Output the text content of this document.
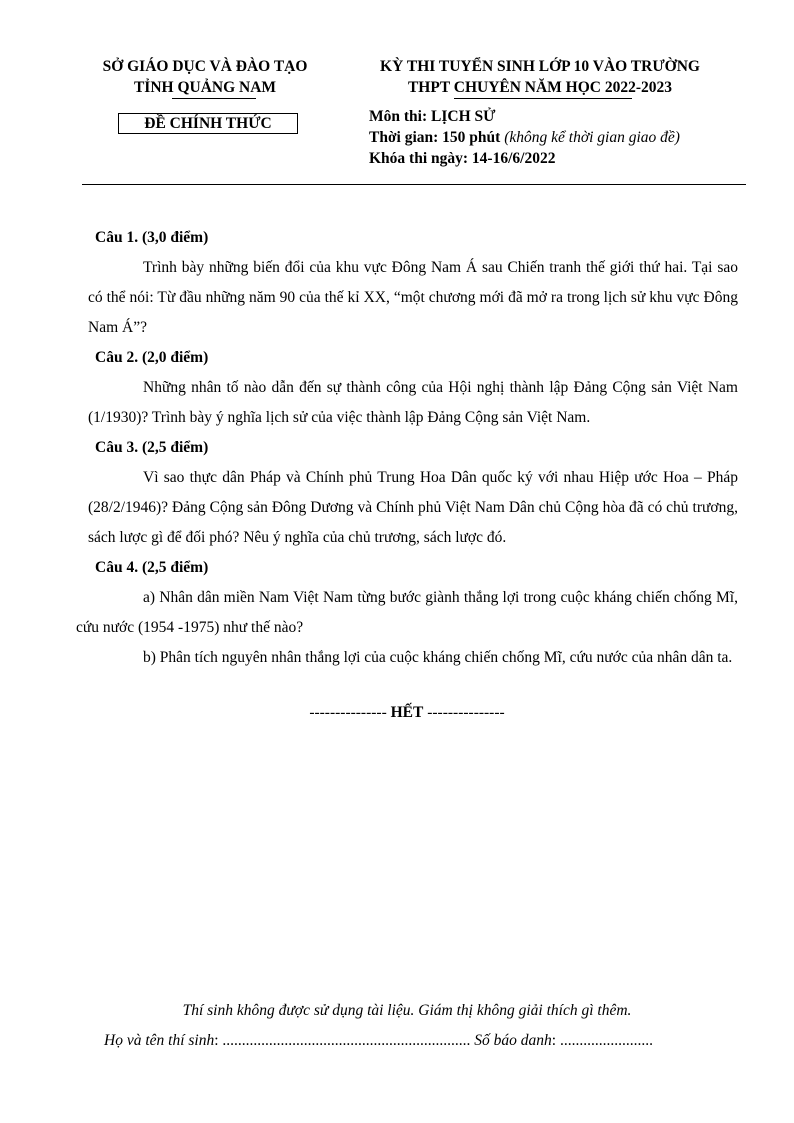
SỞ GIÁO DỤC VÀ ĐÀO TẠO
TỈNH QUẢNG NAM
ĐỀ CHÍNH THỨC
KỲ THI TUYỂN SINH LỚP 10 VÀO TRƯỜNG
THPT CHUYÊN NĂM HỌC 2022-2023
Môn thi: LỊCH SỬ
Thời gian: 150 phút (không kể thời gian giao đề)
Khóa thi ngày: 14-16/6/2022
Câu 1. (3,0 điểm)

Trình bày những biến đổi của khu vực Đông Nam Á sau Chiến tranh thế giới thứ hai. Tại sao có thể nói: Từ đầu những năm 90 của thế kỉ XX, “một chương mới đã mở ra trong lịch sử khu vực Đông Nam Á”?

Câu 2. (2,0 điểm)

Những nhân tố nào dẫn đến sự thành công của Hội nghị thành lập Đảng Cộng sản Việt Nam (1/1930)? Trình bày ý nghĩa lịch sử của việc thành lập Đảng Cộng sản Việt Nam.

Câu 3. (2,5 điểm)

Vì sao thực dân Pháp và Chính phủ Trung Hoa Dân quốc ký với nhau Hiệp ước Hoa – Pháp (28/2/1946)? Đảng Cộng sản Đông Dương và Chính phủ Việt Nam Dân chủ Cộng hòa đã có chủ trương, sách lược gì để đối phó? Nêu ý nghĩa của chủ trương, sách lược đó.

Câu 4. (2,5 điểm)

a) Nhân dân miền Nam Việt Nam từng bước giành thắng lợi trong cuộc kháng chiến chống Mĩ, cứu nước (1954 -1975) như thế nào?

b) Phân tích nguyên nhân thắng lợi của cuộc kháng chiến chống Mĩ, cứu nước của nhân dân ta.

--------------- HẾT ---------------
Thí sinh không được sử dụng tài liệu. Giám thị không giải thích gì thêm.
Họ và tên thí sinh: ................................................................ Số báo danh: ........................
